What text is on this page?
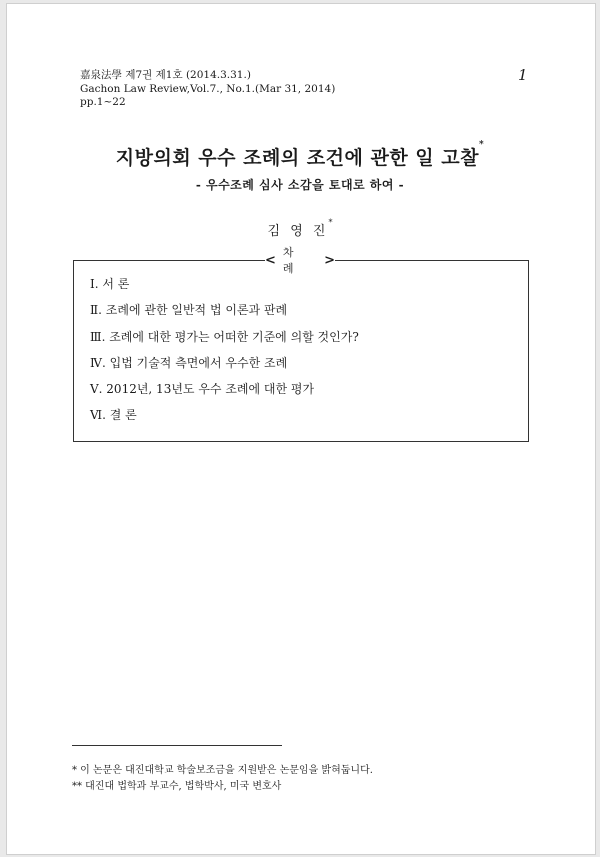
嘉泉法學 제7권 제1호 (2014.3.31.)
Gachon Law Review,Vol.7., No.1.(Mar 31, 2014)
pp.1~22
1
지방의회 우수 조례의 조건에 관한 일 고찰*
- 우수조례 심사 소감을 토대로 하여 -
김 영 진*
< 차 례
>
Ⅰ. 서 론
Ⅱ. 조례에 관한 일반적 법 이론과 판례
Ⅲ. 조례에 대한 평가는 어떠한 기준에 의할 것인가?
Ⅳ. 입법 기술적 측면에서 우수한 조례
Ⅴ. 2012년, 13년도 우수 조례에 대한 평가
Ⅵ. 결 론
* 이 논문은 대진대학교 학술보조금을 지원받은 논문임을 밝혀둡니다.
** 대진대 법학과 부교수, 법학박사, 미국 변호사
